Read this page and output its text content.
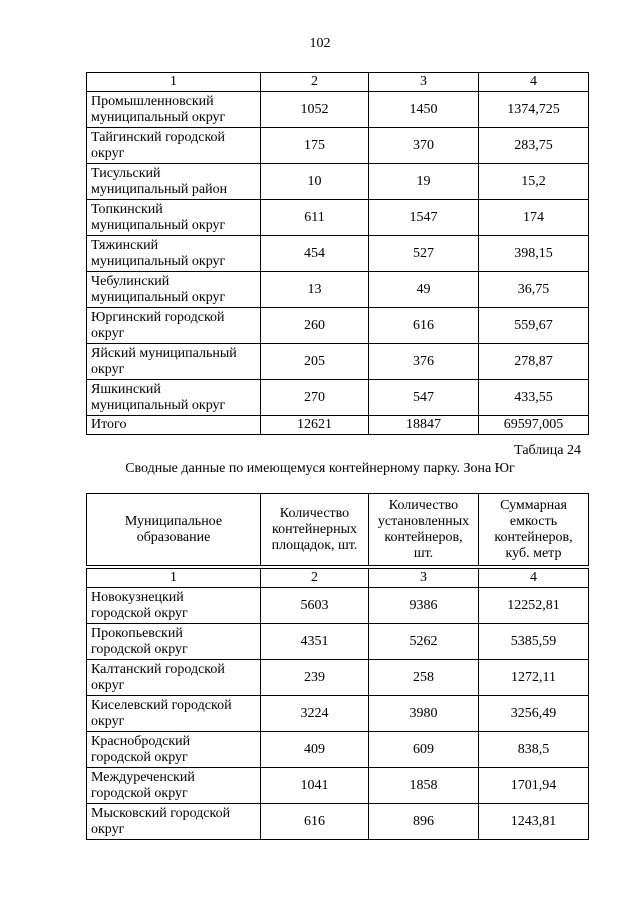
102
1	2	3	4
Промышленновский
муниципальный округ	1052	1450	1374,725
Тайгинский городской
округ	175	370	283,75
Тисульский
муниципальный район	10	19	15,2
Топкинский
муниципальный округ	611	1547	174
Тяжинский
муниципальный округ	454	527	398,15
Чебулинский
муниципальный округ	13	49	36,75
Юргинский городской
округ	260	616	559,67
Яйский муниципальный
округ	205	376	278,87
Яшкинский
муниципальный округ	270	547	433,55
Итого	12621	18847	69597,005
Таблица 24
Сводные данные по имеющемуся контейнерному парку. Зона Юг
Муниципальное
образование	Количество
контейнерных
площадок, шт.	Количество
установленных
контейнеров,
шт.	Суммарная
емкость
контейнеров,
куб. метр
1	2	3	4
Новокузнецкий
городской округ	5603	9386	12252,81
Прокопьевский
городской округ	4351	5262	5385,59
Калтанский городской
округ	239	258	1272,11
Киселевский городской
округ	3224	3980	3256,49
Краснобродский
городской округ	409	609	838,5
Междуреченский
городской округ	1041	1858	1701,94
Мысковский городской
округ	616	896	1243,81
